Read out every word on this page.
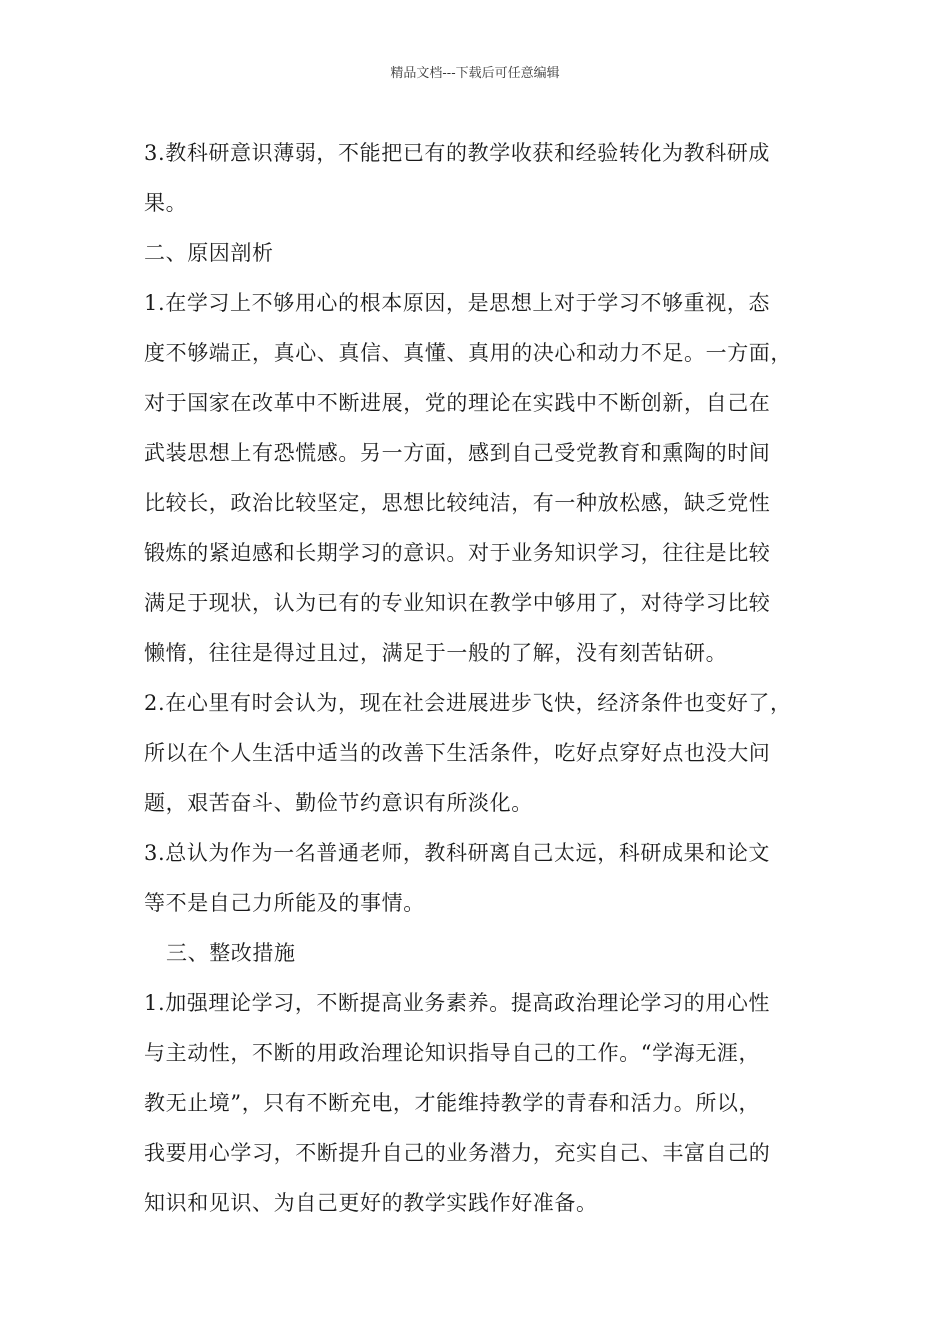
精品文档---下载后可任意编辑
3.教科研意识薄弱，不能把已有的教学收获和经验转化为教科研成
果。
二、原因剖析
1.在学习上不够用心的根本原因，是思想上对于学习不够重视，态
度不够端正，真心、真信、真懂、真用的决心和动力不足。一方面，
对于国家在改革中不断进展，党的理论在实践中不断创新，自己在
武装思想上有恐慌感。另一方面，感到自己受党教育和熏陶的时间
比较长，政治比较坚定，思想比较纯洁，有一种放松感，缺乏党性
锻炼的紧迫感和长期学习的意识。对于业务知识学习，往往是比较
满足于现状，认为已有的专业知识在教学中够用了，对待学习比较
懒惰，往往是得过且过，满足于一般的了解，没有刻苦钻研。
2.在心里有时会认为，现在社会进展进步飞快，经济条件也变好了，
所以在个人生活中适当的改善下生活条件，吃好点穿好点也没大问
题，艰苦奋斗、勤俭节约意识有所淡化。
3.总认为作为一名普通老师，教科研离自己太远，科研成果和论文
等不是自己力所能及的事情。
三、整改措施
1.加强理论学习，不断提高业务素养。提高政治理论学习的用心性
与主动性，不断的用政治理论知识指导自己的工作。“学海无涯，
教无止境”，只有不断充电，才能维持教学的青春和活力。所以，
我要用心学习，不断提升自己的业务潜力，充实自己、丰富自己的
知识和见识、为自己更好的教学实践作好准备。
